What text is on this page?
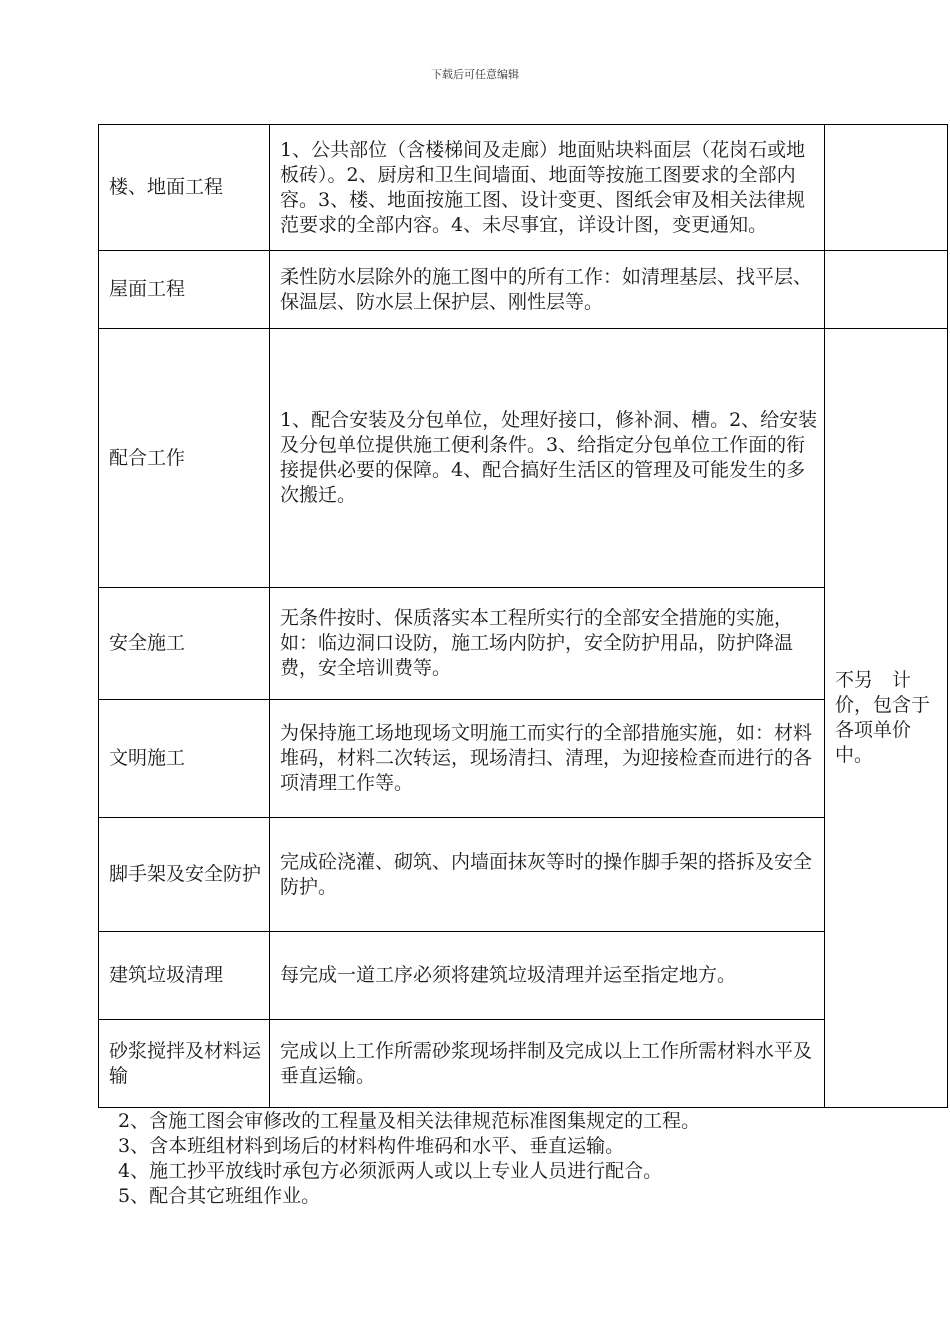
下载后可任意编辑
楼、地面工程	1、公共部位（含楼梯间及走廊）地面贴块料面层（花岗石或地板砖）。2、厨房和卫生间墙面、地面等按施工图要求的全部内容。3、楼、地面按施工图、设计变更、图纸会审及相关法律规范要求的全部内容。4、未尽事宜，详设计图，变更通知。	
屋面工程	柔性防水层除外的施工图中的所有工作：如清理基层、找平层、保温层、防水层上保护层、刚性层等。	
配合工作	1、配合安装及分包单位，处理好接口，修补洞、槽。2、给安装及分包单位提供施工便利条件。3、给指定分包单位工作面的衔接提供必要的保障。4、配合搞好生活区的管理及可能发生的多次搬迁。	不另　计价，包含于各项单价中。

安全施工	无条件按时、保质落实本工程所实行的全部安全措施的实施，如：临边洞口设防，施工场内防护，安全防护用品，防护降温费，安全培训费等。	
文明施工	为保持施工场地现场文明施工而实行的全部措施实施，如：材料堆码，材料二次转运，现场清扫、清理，为迎接检查而进行的各项清理工作等。	
脚手架及安全防护	完成砼浇灌、砌筑、内墙面抹灰等时的操作脚手架的搭拆及安全防护。	
建筑垃圾清理	每完成一道工序必须将建筑垃圾清理并运至指定地方。	
砂浆搅拌及材料运输	完成以上工作所需砂浆现场拌制及完成以上工作所需材料水平及垂直运输。	
2、含施工图会审修改的工程量及相关法律规范标准图集规定的工程。
3、含本班组材料到场后的材料构件堆码和水平、垂直运输。
4、施工抄平放线时承包方必须派两人或以上专业人员进行配合。
5、配合其它班组作业。
